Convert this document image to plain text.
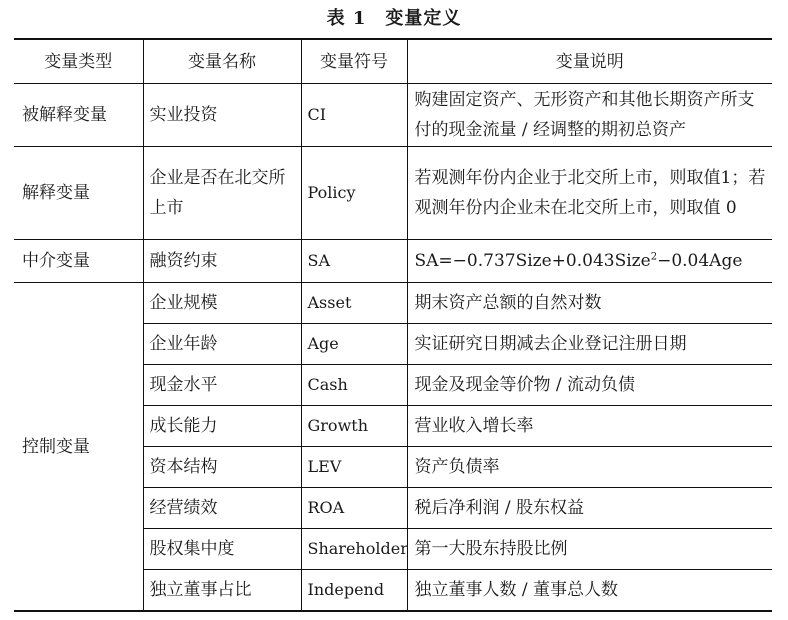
表 1　变量定义
变量类型	变量名称	变量符号	变量说明
被解释变量	实业投资	CI	购建固定资产、无形资产和其他长期资产所支付的现金流量 / 经调整的期初总资产
解释变量	企业是否在北交所上市	Policy	若观测年份内企业于北交所上市，则取值1；若观测年份内企业未在北交所上市，则取值 0
中介变量	融资约束	SA	SA=−0.737Size+0.043Size$^2$−0.04Age
控制变量	企业规模	Asset	期末资产总额的自然对数
	企业年龄	Age	实证研究日期减去企业登记注册日期
	现金水平	Cash	现金及现金等价物 / 流动负债
	成长能力	Growth	营业收入增长率
	资本结构	LEV	资产负债率
	经营绩效	ROA	税后净利润 / 股东权益
	股权集中度	Shareholder	第一大股东持股比例
	独立董事占比	Independ	独立董事人数 / 董事总人数
